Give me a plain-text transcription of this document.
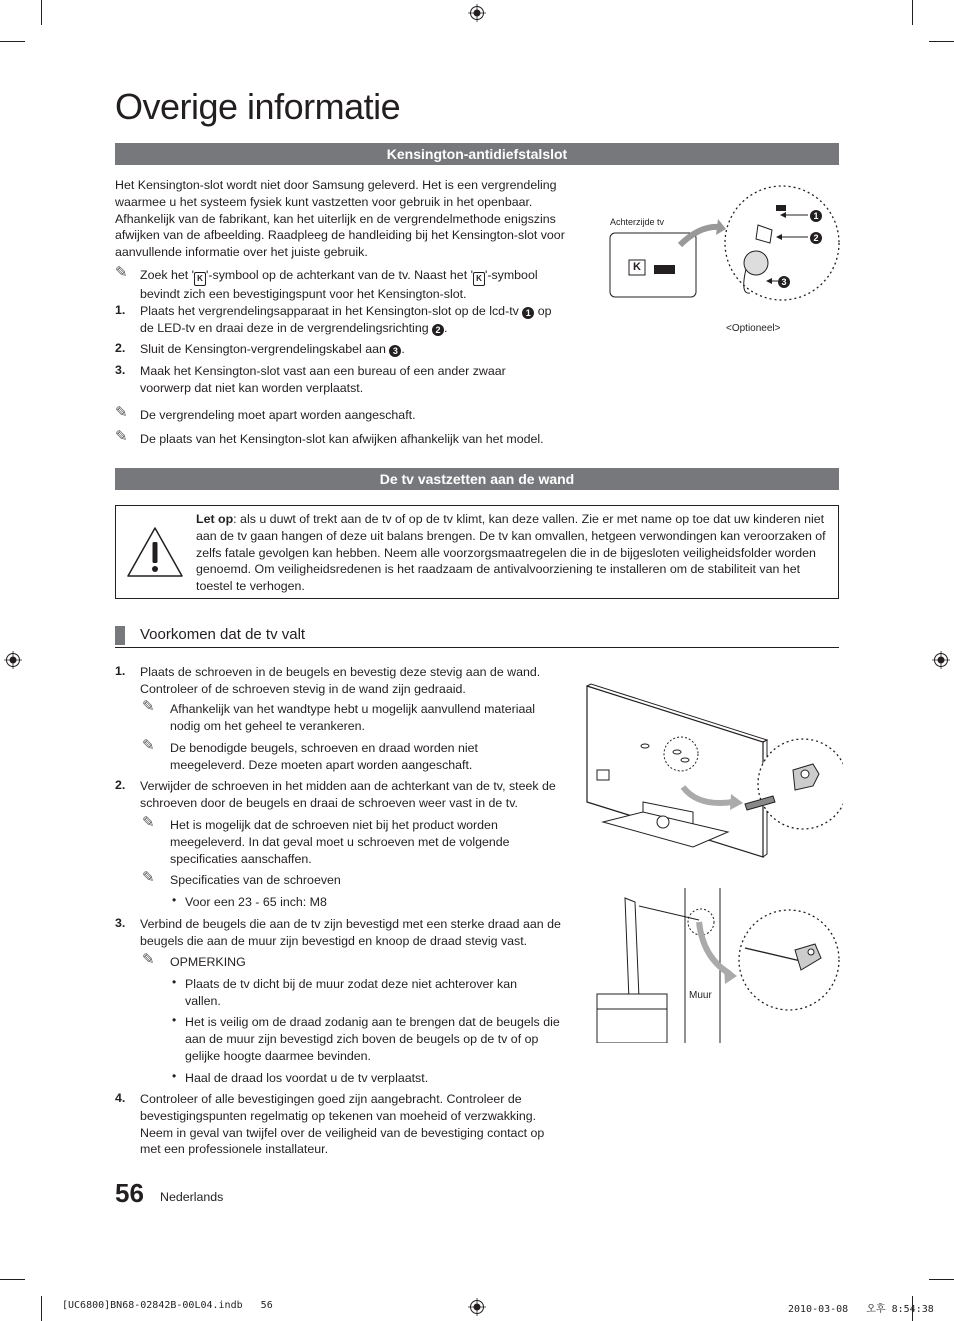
Overige informatie
Kensington-antidiefstalslot
Het Kensington-slot wordt niet door Samsung geleverd. Het is een vergrendeling waarmee u het systeem fysiek kunt vastzetten voor gebruik in het openbaar. Afhankelijk van de fabrikant, kan het uiterlijk en de vergrendelmethode enigszins afwijken van de afbeelding. Raadpleeg de handleiding bij het Kensington-slot voor aanvullende informatie over het juiste gebruik.
✎ Zoek het ' K '-symbool op de achterkant van de tv. Naast het ' K '-symbool bevindt zich een bevestigingspunt voor het Kensington-slot.
1. Plaats het vergrendelingsapparaat in het Kensington-slot op de lcd-tv 1 op de LED-tv en draai deze in de vergrendelingsrichting 2 .
2. Sluit de Kensington-vergrendelingskabel aan 3 .
3. Maak het Kensington-slot vast aan een bureau of een ander zwaar voorwerp dat niet kan worden verplaatst.
✎ De vergrendeling moet apart worden aangeschaft.
✎ De plaats van het Kensington-slot kan afwijken afhankelijk van het model.
Achterzijde tv
K
1
2
3
<Optioneel>
De tv vastzetten aan de wand
Let op: als u duwt of trekt aan de tv of op de tv klimt, kan deze vallen. Zie er met name op toe dat uw kinderen niet aan de tv gaan hangen of deze uit balans brengen. De tv kan omvallen, hetgeen verwondingen kan veroorzaken of zelfs fatale gevolgen kan hebben. Neem alle voorzorgsmaatregelen die in de bijgesloten veiligheidsfolder worden genoemd. Om veiligheidsredenen is het raadzaam de antivalvoorziening te installeren om de stabiliteit van het toestel te verhogen.
Voorkomen dat de tv valt
1. Plaats de schroeven in de beugels en bevestig deze stevig aan de wand. Controleer of de schroeven stevig in de wand zijn gedraaid.
✎ Afhankelijk van het wandtype hebt u mogelijk aanvullend materiaal nodig om het geheel te verankeren.
✎ De benodigde beugels, schroeven en draad worden niet meegeleverd. Deze moeten apart worden aangeschaft.
2. Verwijder de schroeven in het midden aan de achterkant van de tv, steek de schroeven door de beugels en draai de schroeven weer vast in de tv.
✎ Het is mogelijk dat de schroeven niet bij het product worden meegeleverd. In dat geval moet u schroeven met de volgende specificaties aanschaffen.
✎ Specificaties van de schroeven
• Voor een 23 - 65 inch: M8
3. Verbind de beugels die aan de tv zijn bevestigd met een sterke draad aan de beugels die aan de muur zijn bevestigd en knoop de draad stevig vast.
✎ OPMERKING
• Plaats de tv dicht bij de muur zodat deze niet achterover kan vallen.
• Het is veilig om de draad zodanig aan te brengen dat de beugels die aan de muur zijn bevestigd zich boven de beugels op de tv of op gelijke hoogte daarmee bevinden.
• Haal de draad los voordat u de tv verplaatst.
4. Controleer of alle bevestigingen goed zijn aangebracht. Controleer de bevestigingspunten regelmatig op tekenen van moeheid of verzwakking. Neem in geval van twijfel over de veiligheid van de bevestiging contact op met een professionele installateur.
Muur
56 Nederlands
[UC6800]BN68-02842B-00L04.indb   56	2010-03-08   오후 8:54:38
